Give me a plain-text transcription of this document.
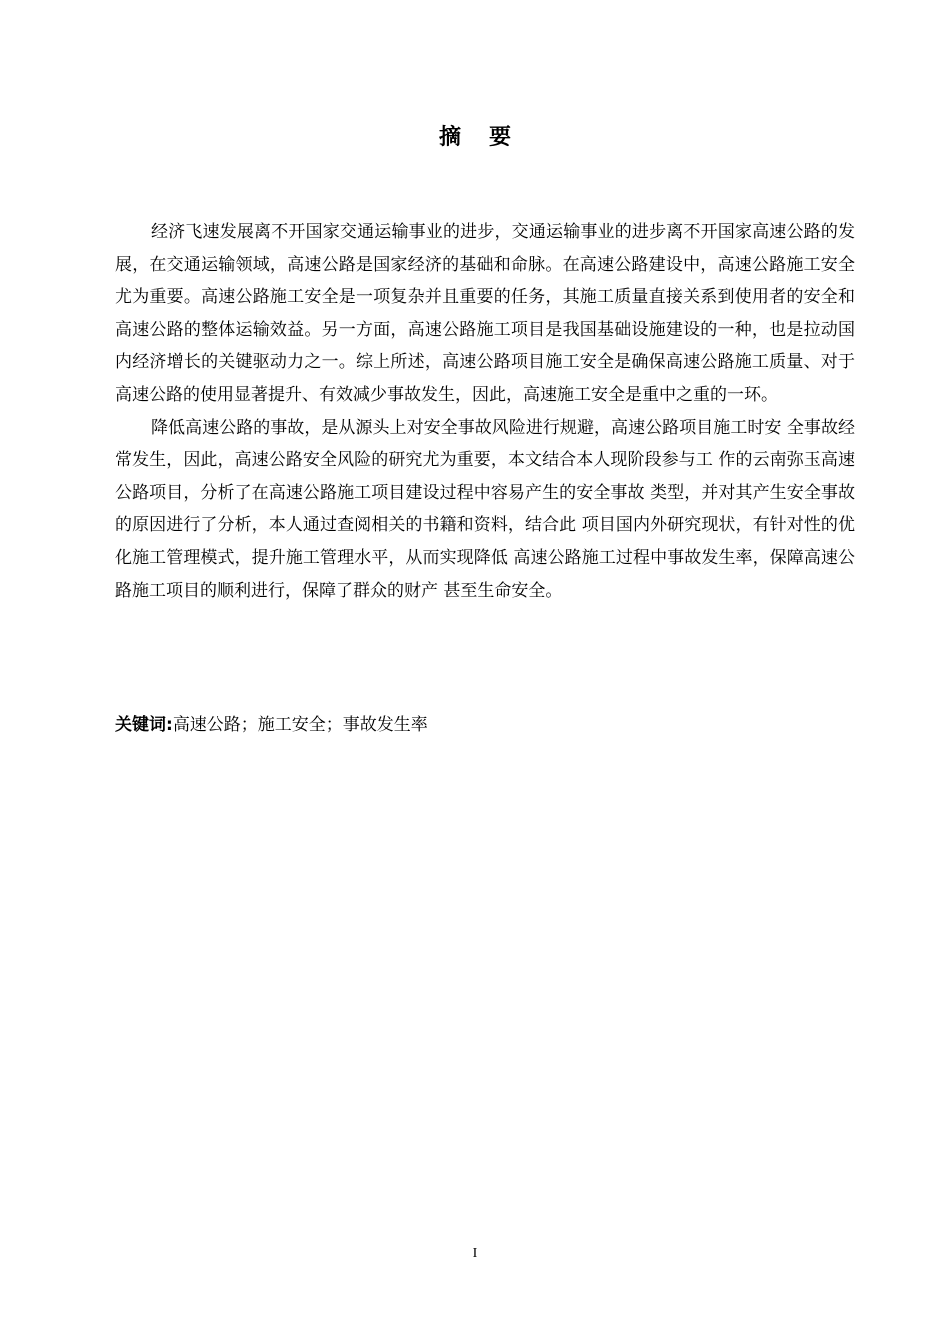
摘要

经济飞速发展离不开国家交通运输事业的进步，交通运输事业的进步离不开国家高速公路的发展，在交通运输领域，高速公路是国家经济的基础和命脉。在高速公路建设中，高速公路施工安全尤为重要。高速公路施工安全是一项复杂并且重要的任务，其施工质量直接关系到使用者的安全和高速公路的整体运输效益。另一方面，高速公路施工项目是我国基础设施建设的一种，也是拉动国内经济增长的关键驱动力之一。综上所述，高速公路项目施工安全是确保高速公路施工质量、对于高速公路的使用显著提升、有效减少事故发生，因此，高速施工安全是重中之重的一环。

降低高速公路的事故，是从源头上对安全事故风险进行规避，高速公路项目施工时安 全事故经常发生，因此，高速公路安全风险的研究尤为重要，本文结合本人现阶段参与工 作的云南弥玉高速公路项目，分析了在高速公路施工项目建设过程中容易产生的安全事故 类型，并对其产生安全事故的原因进行了分析，本人通过查阅相关的书籍和资料，结合此 项目国内外研究现状，有针对性的优化施工管理模式，提升施工管理水平，从而实现降低 高速公路施工过程中事故发生率，保障高速公路施工项目的顺利进行，保障了群众的财产 甚至生命安全。

关键词:高速公路；施工安全；事故发生率
I
